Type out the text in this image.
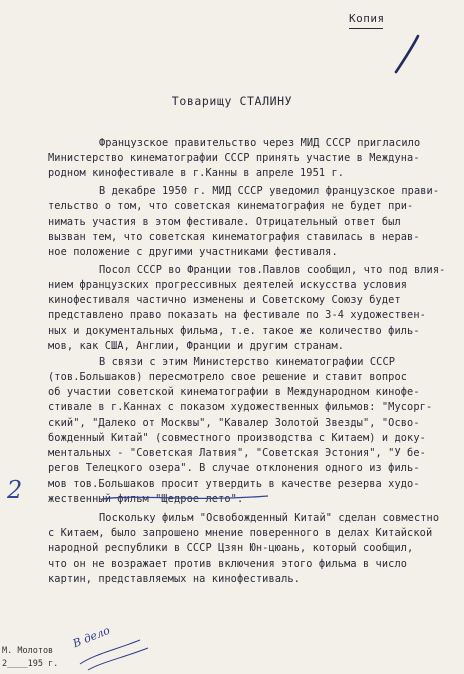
Копия
Товарищу СТАЛИНУ
Французское правительство через МИД СССР пригласило
Министерство кинематографии СССР принять участие в Междуна-
родном кинофестивале в г.Канны в апреле 1951 г.
В декабре 1950 г. МИД СССР уведомил французское прави-
тельство о том, что советская кинематография не будет при-
нимать участия в этом фестивале. Отрицательный ответ был
вызван тем, что советская кинематография ставилась в нерав-
ное положение с другими участниками фестиваля.
Посол СССР во Франции тов.Павлов сообщил, что под влия-
нием французских прогрессивных деятелей искусства условия
кинофестиваля частично изменены и Советскому Союзу будет
представлено право показать на фестивале по 3-4 художествен-
ных и документальных фильма, т.е. такое же количество филь-
мов, как США, Англии, Франции и другим странам.
В связи с этим Министерство кинематографии СССР
(тов.Большаков) пересмотрело свое решение и ставит вопрос
об участии советской кинематографии в Международном кинофе-
стивале в г.Каннах с показом художественных фильмов: "Мусорг-
ский", "Далеко от Москвы", "Кавалер Золотой Звезды", "Осво-
божденный Китай" (совместного производства с Китаем) и доку-
ментальных - "Советская Латвия", "Советская Эстония", "У бе-
регов Телецкого озера". В случае отклонения одного из филь-
мов тов.Большаков просит утвердить в качестве резерва худо-
жественный фильм "Щедрое лето".
Поскольку фильм "Освобожденный Китай" сделан совместно
с Китаем, было запрошено мнение поверенного в делах Китайской
народной республики в СССР Цзян Юн-цюань, который сообщил,
что он не возражает против включения этого фильма в число
картин, представляемых на кинофестиваль.
2
М. Молотов
2____195 г.
В дело
